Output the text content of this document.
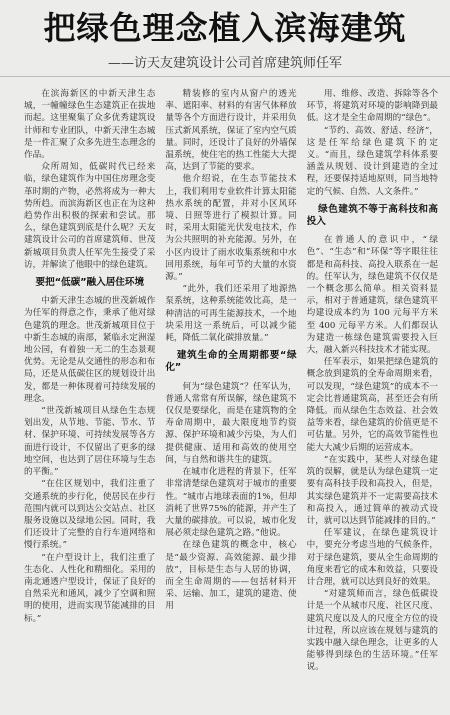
把绿色理念植入滨海建筑
——访天友建筑设计公司首席建筑师任军

在滨海新区的中新天津生态城，一幢幢绿色生态建筑正在拔地而起。这里聚集了众多优秀建筑设计师和专业团队，中新天津生态城是一件汇聚了众多先进生态理念的作品。

众所周知，低碳时代已经来临，绿色建筑作为中国住房理念变革时期的产物，必然将成为一种大势所趋。而滨海新区也正在为这种趋势作出积极的探索和尝试。那么，绿色建筑到底是什么呢？天友建筑设计公司的首席建筑师、世茂新城项目负责人任军先生接受了采访，并解读了他眼中的绿色建筑。

要把“低碳”融入居住环境

中新天津生态城的世茂新城作为任军的得意之作，秉承了他对绿色建筑的理念。世茂新城项目位于中新生态城的南部，紧临永定洲湿地公园，有着独一无二的生态景观优势。无论是从交通性的形态和布局，还是从低碳住区的规划设计出发，都是一种体现着可持续发展的理念。

“世茂新城项目从绿色生态规划出发，从节地、节能、节水、节材、保护环境、可持续发展等各方面进行设计，不仅留出了更多的绿地空间，也达到了居住环境与生态的平衡。”

“在住区规划中，我们注重了交通系统的步行化，使居民在步行范围内就可以到达公交站点、社区服务设施以及绿地公园。同时，我们还设计了完整的自行车道网络和慢行系统。”

“在户型设计上，我们注重了生态化、人性化和精细化。采用的南北通透户型设计，保证了良好的自然采光和通风，减少了空调和照明的使用，进而实现节能减排的目标。”

精装修的室内从窗户的透光率、遮阳率、材料的有害气体释放量等各个方面进行设计，并采用负压式新风系统，保证了室内空气质量。同时，还设计了良好的外墙保温系统，使住宅的热工性能大大提高，达到了节能的要求。

他介绍说，在生态节能技术上，我们利用专业软件计算太阳能热水系统的配置，并对小区风环境、日照等进行了模拟计算。同时，采用太阳能光伏发电技术，作为公共照明的补充能源。另外，在小区内设计了雨水收集系统和中水回用系统，每年可节约大量的水资源。”

“此外，我们还采用了地源热泵系统，这种系统能效比高，是一种清洁的可再生能源技术，一个地块采用这一系统后，可以减少能耗，降低二氧化碳排放量。”

建筑生命的全周期都要“绿化”

何为“绿色建筑”？任军认为，普通人常常有所误解，绿色建筑不仅仅是要绿化，而是在建筑物的全寿命周期中，最大限度地节约资源、保护环境和减少污染，为人们提供健康、适用和高效的使用空间，与自然和谐共生的建筑。

在城市化进程的背景下，任军非常清楚绿色建筑对于城市的重要性。“城市占地球表面的1%，但却消耗了世界75%的能源，并产生了大量的碳排放。可以说，城市化发展必须走绿色建筑之路。”他说。

在绿色建筑的概念中，核心是“最少资源、高效能源、最少排放”，目标是生态与人居的协调，而全生命周期的——包括材料开采、运输、加工，建筑的建造、使用

用、维修、改造、拆除等各个环节，将建筑对环境的影响降到最低。这才是全生命周期的“绿色”。

“节约、高效、舒适、经济”，这是任军给绿色建筑下的定义。“而且，绿色建筑学科体系要涵盖从规划、设计到建造的全过程，还要保持适地原则，同当地特定的气候、自然、人文条件。”

绿色建筑不等于高科技和高投入

在普通人的意识中，“绿色”、“生态”和“环保”等字眼往往都是和高科技、高投入联系在一起的。任军认为，绿色建筑不仅仅是一个概念那么简单。相关资料显示，相对于普通建筑，绿色建筑平均建设成本约为 100 元每平方米至 400 元每平方米。人们都误认为建造一栋绿色建筑需要投入巨大，融入新兴科技技术才能实现。

任军表示，如果把绿色建筑的概念放到建筑的全寿命周期来看，可以发现，“绿色建筑”的成本不一定会比普通建筑高，甚至还会有所降低。而从绿色生态效益、社会效益等来看，绿色建筑的价值更是不可估量。另外，它的高效节能性也能大大减少后期的运营成本。

“在实践中，某些人对绿色建筑的误解，就是认为绿色建筑一定要有高科技手段和高投入，但是，其实绿色建筑并不一定需要高技术和高投入，通过简单的被动式设计，就可以达到节能减排的目的。”

任军建议，在绿色建筑设计中，要充分考虑当地的气候条件，对于绿色建筑，要从全生命周期的角度来看它的成本和效益，只要设计合理，就可以达到良好的效果。

“对建筑师而言，绿色低碳设计是一个从城市尺度、社区尺度、建筑尺度以及人的尺度全方位的设计过程，所以应该在规划与建筑的实践中融入绿色理念，让更多的人能够得到绿色的生活环境。”任军说。
